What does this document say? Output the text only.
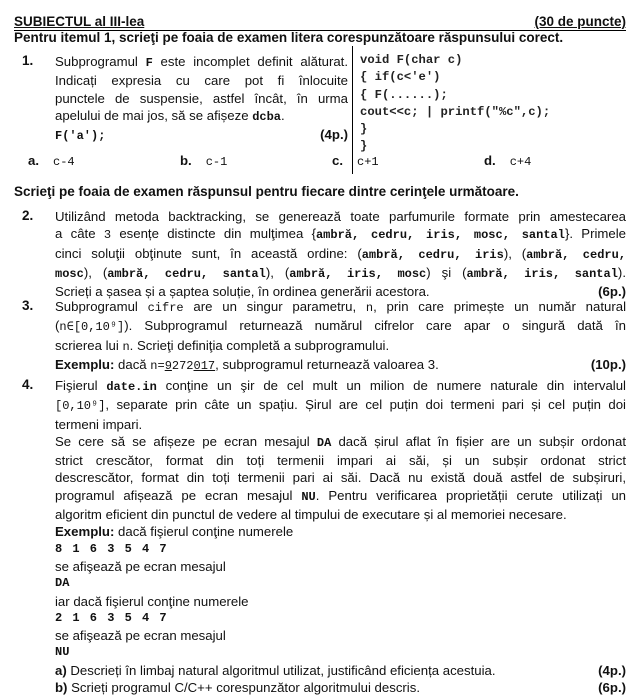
SUBIECTUL al III-lea	(30 de puncte)
Pentru itemul 1, scrieţi pe foaia de examen litera corespunzătoare răspunsului corect.
1. Subprogramul F este incomplet definit alăturat.
Indicați expresia cu care pot fi înlocuite
punctele de suspensie, astfel încât, în urma
apelului de mai jos, să se afișeze dcba.
F('a');	(4p.)
void F(char c)
{ if(c<'e')
{ F(......);
cout<<c; | printf("%c",c);
}
}
a. c-4	b. c-1	c. c+1	d. c+4
Scrieţi pe foaia de examen răspunsul pentru fiecare dintre cerinţele următoare.
2. Utilizând metoda backtracking, se generează toate parfumurile formate prin amestecarea
a câte 3 esențe distincte din mulţimea {ambră, cedru, iris, mosc, santal}. Primele
cinci soluţii obţinute sunt, în această ordine: (ambră, cedru, iris), (ambră, cedru,
mosc), (ambră, cedru, santal), (ambră, iris, mosc) şi (ambră, iris, santal).
Scrieți a șasea și a șaptea soluție, în ordinea generării acestora.	(6p.)
3. Subprogramul cifre are un singur parametru, n, prin care primește un număr natural
(n∈[0,10⁹]). Subprogramul returnează numărul cifrelor care apar o singură dată în
scrierea lui n. Scrieţi definiţia completă a subprogramului.
Exemplu: dacă n=9272017, subprogramul returnează valoarea 3.	(10p.)
4. Fişierul date.in conţine un şir de cel mult un milion de numere naturale din intervalul
[0,10⁹], separate prin câte un spațiu. Șirul are cel puțin doi termeni pari și cel puțin doi
termeni impari.
Se cere să se afișeze pe ecran mesajul DA dacă șirul aflat în fișier are un subșir ordonat
strict crescător, format din toți termenii impari ai săi, și un subșir ordonat strict
descrescător, format din toți termenii pari ai săi. Dacă nu există două astfel de subșiruri,
programul afișează pe ecran mesajul NU. Pentru verificarea proprietății cerute utilizați un
algoritm eficient din punctul de vedere al timpului de executare și al memoriei necesare.
Exemplu: dacă fişierul conţine numerele
8 1 6 3 5 4 7
se afişează pe ecran mesajul
DA
iar dacă fişierul conţine numerele
2 1 6 3 5 4 7
se afişează pe ecran mesajul
NU
a) Descrieți în limbaj natural algoritmul utilizat, justificând eficiența acestuia.	(4p.)
b) Scrieți programul C/C++ corespunzător algoritmului descris.	(6p.)
